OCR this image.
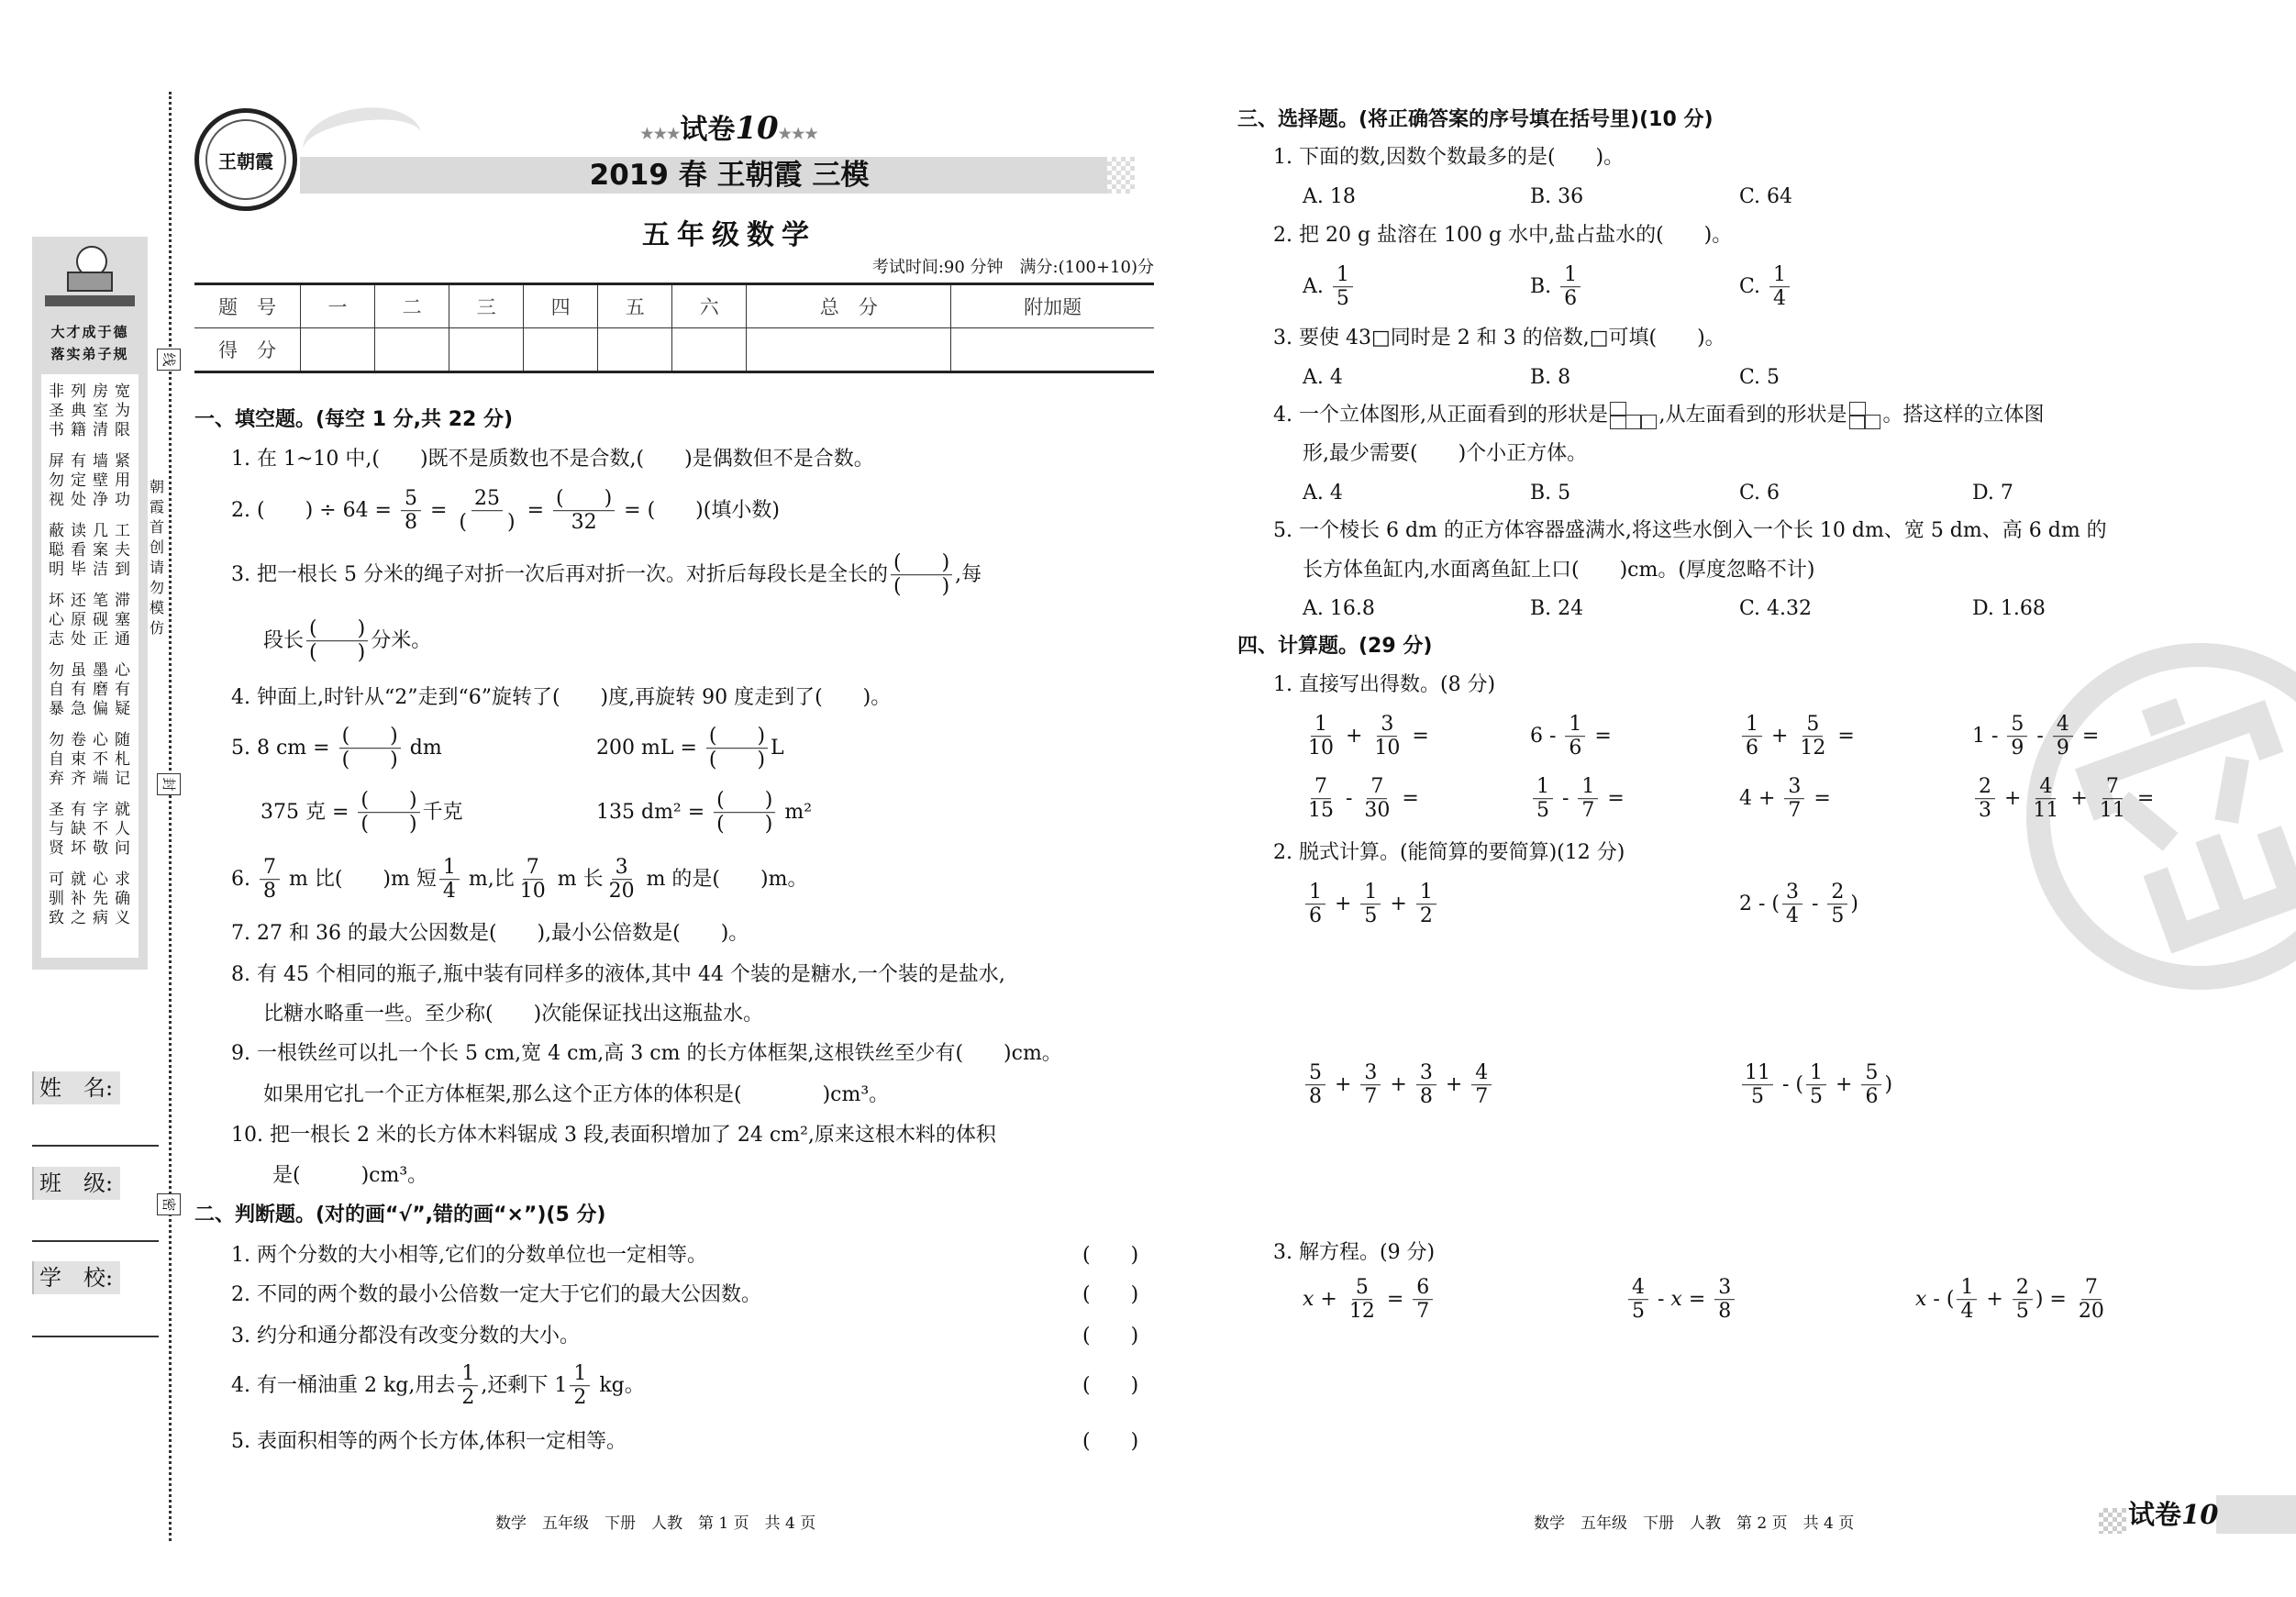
王朝霞
★★★试卷10★★★
2019 春 王朝霞 三模
五年级数学
考试时间:90 分钟　满分:(100+10)分
题　号	一	二	三	四	五	六	总　分	附加题
得　分								
大才成于德
落实弟子规
非列房宽
圣典室为
书籍清限
屏有墙紧
勿定壁用
视处净功
蔽读几工
聪看案夫
明毕洁到
坏还笔滞
心原砚塞
志处正通
勿虽墨心
自有磨有
暴急偏疑
勿卷心随
自束不札
弃齐端记
圣有字就
与缺不人
贤坏敬问
可就心求
驯补先确
致之病义
线
封
密
朝霞首创　请勿模仿
姓　名:
班　级:
学　校:
一、填空题。(每空 1 分,共 22 分)
1. 在 1~10 中,(　　)既不是质数也不是合数,(　　)是偶数但不是合数。
2. (　　) ÷ $64 = \frac{5}{8} = \frac{25}{( )} = \frac{( )}{32}$ = (　　)(填小数)
3. 把一根长 5 分米的绳子对折一次后再对折一次。对折后每段长是全长的 $\frac{( )}{( )}$ ,每
段长 $\frac{( )}{( )}$ 分米。
4. 钟面上,时针从“2”走到“6”旋转了(　　)度,再旋转 90 度走到了(　　)。
5. 8 cm = $\frac{( )}{( )}$ dm	200 mL = $\frac{( )}{( )}$ L
375 克 = $\frac{( )}{( )}$ 千克	135 $dm^2 = \frac{( )}{( )} m^2$
6. $\frac{7}{8}$ m 比(　　)m 短 $\frac{1}{4} m$,比 $\frac{7}{10}$ m 长 $\frac{3}{20}$ m 的是(　　)m。
7. 27 和 36 的最大公因数是(　　),最小公倍数是(　　)。
8. 有 45 个相同的瓶子,瓶中装有同样多的液体,其中 44 个装的是糖水,一个装的是盐水,
比糖水略重一些。至少称(　　)次能保证找出这瓶盐水。
9. 一根铁丝可以扎一个长 5 cm,宽 4 cm,高 3 cm 的长方体框架,这根铁丝至少有(　　)cm。
如果用它扎一个正方体框架,那么这个正方体的体积是(　　　　)cm³。
10. 把一根长 2 米的长方体木料锯成 3 段,表面积增加了 24 cm²,原来这根木料的体积
是(　　　)cm³。
二、判断题。(对的画“√”,错的画“×”)(5 分)
1. 两个分数的大小相等,它们的分数单位也一定相等。	(　　)
2. 不同的两个数的最小公倍数一定大于它们的最大公因数。	(　　)
3. 约分和通分都没有改变分数的大小。	(　　)
4. 有一桶油重 2 kg,用去 $\frac{1}{2}$ ,还剩下 $1 \frac{1}{2}$ kg。	(　　)
5. 表面积相等的两个长方体,体积一定相等。	(　　)
数学　五年级　下册　人教　第 1 页　共 4 页
三、选择题。(将正确答案的序号填在括号里)(10 分)
1. 下面的数,因数个数最多的是(　　)。
A. 18	B. 36	C. 64
2. 把 20 g 盐溶在 100 g 水中,盐占盐水的(　　)。
A. $\frac{1}{5}$	B. $\frac{1}{6}$	C. $\frac{1}{4}$
3. 要使 43□同时是 2 和 3 的倍数,□可填(　　)。
A. 4	B. 8	C. 5
4. 一个立体图形,从正面看到的形状是	,从左面看到的形状是 。搭这样的立体图
形,最少需要(　　)个小正方体。
A. 4	B. 5	C. 6	D. 7
5. 一个棱长 6 dm 的正方体容器盛满水,将这些水倒入一个长 10 dm、宽 5 dm、高 6 dm 的
长方体鱼缸内,水面离鱼缸上口(　　)cm。(厚度忽略不计)
A. 16.8	B. 24	C. 4.32	D. 1.68
四、计算题。(29 分)
1. 直接写出得数。(8 分)
$\frac{1}{10} + \frac{3}{10}$ =	$6 - \frac{1}{6}$ =	$\frac{1}{6} + \frac{5}{12}$ =	$1 - \frac{5}{9} - \frac{4}{9}$ =
$\frac{7}{15} - \frac{7}{30}$ =	$\frac{1}{5} - \frac{1}{7}$ =	$4 + \frac{3}{7}$ =	$\frac{2}{3} + \frac{4}{11} + \frac{7}{11}$ =
2. 脱式计算。(能简算的要简算)(12 分)
$\frac{1}{6} + \frac{1}{5} + \frac{1}{2}$	2 - ( $\frac{3}{4} - \frac{2}{5}$ )
$\frac{5}{8} + \frac{3}{7} + \frac{3}{8} + \frac{4}{7}$	$\frac{11}{5}$ - ( $\frac{1}{5} + \frac{5}{6}$ )
3. 解方程。(9 分)
$x + \frac{5}{12} = \frac{6}{7}$	$\frac{4}{5} - x = \frac{3}{8}$	x - ( $\frac{1}{4} + \frac{2}{5}$ ) = $\frac{7}{20}$
数学　五年级　下册　人教　第 2 页　共 4 页	试卷10
